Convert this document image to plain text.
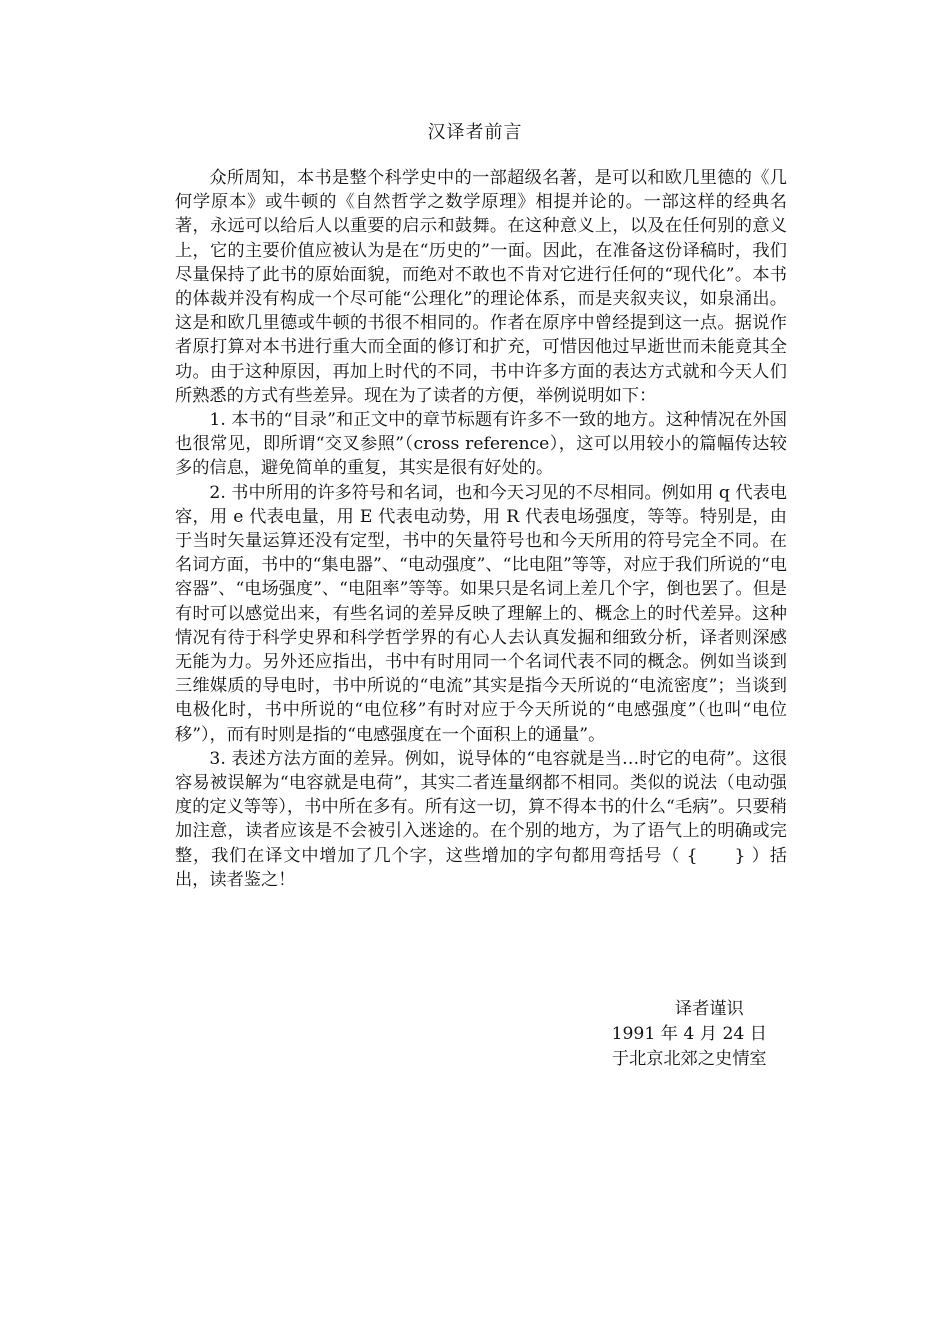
汉译者前言

众所周知，本书是整个科学史中的一部超级名著，是可以和欧几里德的《几何学原本》或牛顿的《自然哲学之数学原理》相提并论的。一部这样的经典名著，永远可以给后人以重要的启示和鼓舞。在这种意义上，以及在任何别的意义上，它的主要价值应被认为是在“历史的”一面。因此，在准备这份译稿时，我们尽量保持了此书的原始面貌，而绝对不敢也不肯对它进行任何的“现代化”。本书的体裁并没有构成一个尽可能“公理化”的理论体系，而是夹叙夹议，如泉涌出。这是和欧几里德或牛顿的书很不相同的。作者在原序中曾经提到这一点。据说作者原打算对本书进行重大而全面的修订和扩充，可惜因他过早逝世而未能竟其全功。由于这种原因，再加上时代的不同，书中许多方面的表达方式就和今天人们所熟悉的方式有些差异。现在为了读者的方便，举例说明如下：

1. 本书的“目录”和正文中的章节标题有许多不一致的地方。这种情况在外国也很常见，即所谓“交叉参照”（cross reference），这可以用较小的篇幅传达较多的信息，避免简单的重复，其实是很有好处的。

2. 书中所用的许多符号和名词，也和今天习见的不尽相同。例如用 q 代表电容，用 e 代表电量，用 E 代表电动势，用 R 代表电场强度，等等。特别是，由于当时矢量运算还没有定型，书中的矢量符号也和今天所用的符号完全不同。在名词方面，书中的“集电器”、“电动强度”、“比电阻”等等，对应于我们所说的“电容器”、“电场强度”、“电阻率”等等。如果只是名词上差几个字，倒也罢了。但是有时可以感觉出来，有些名词的差异反映了理解上的、概念上的时代差异。这种情况有待于科学史界和科学哲学界的有心人去认真发掘和细致分析，译者则深感无能为力。另外还应指出，书中有时用同一个名词代表不同的概念。例如当谈到三维媒质的导电时，书中所说的“电流”其实是指今天所说的“电流密度”；当谈到电极化时，书中所说的“电位移”有时对应于今天所说的“电感强度”（也叫“电位移”），而有时则是指的“电感强度在一个面积上的通量”。

3. 表述方法方面的差异。例如，说导体的“电容就是当…时它的电荷”。这很容易被误解为“电容就是电荷”，其实二者连量纲都不相同。类似的说法（电动强度的定义等等），书中所在多有。所有这一切，算不得本书的什么“毛病”。只要稍加注意，读者应该是不会被引入迷途的。在个别的地方，为了语气上的明确或完整，我们在译文中增加了几个字，这些增加的字句都用弯括号（ {　　} ）括出，读者鉴之！

译者谨识
1991 年 4 月 24 日
于北京北郊之史情室
